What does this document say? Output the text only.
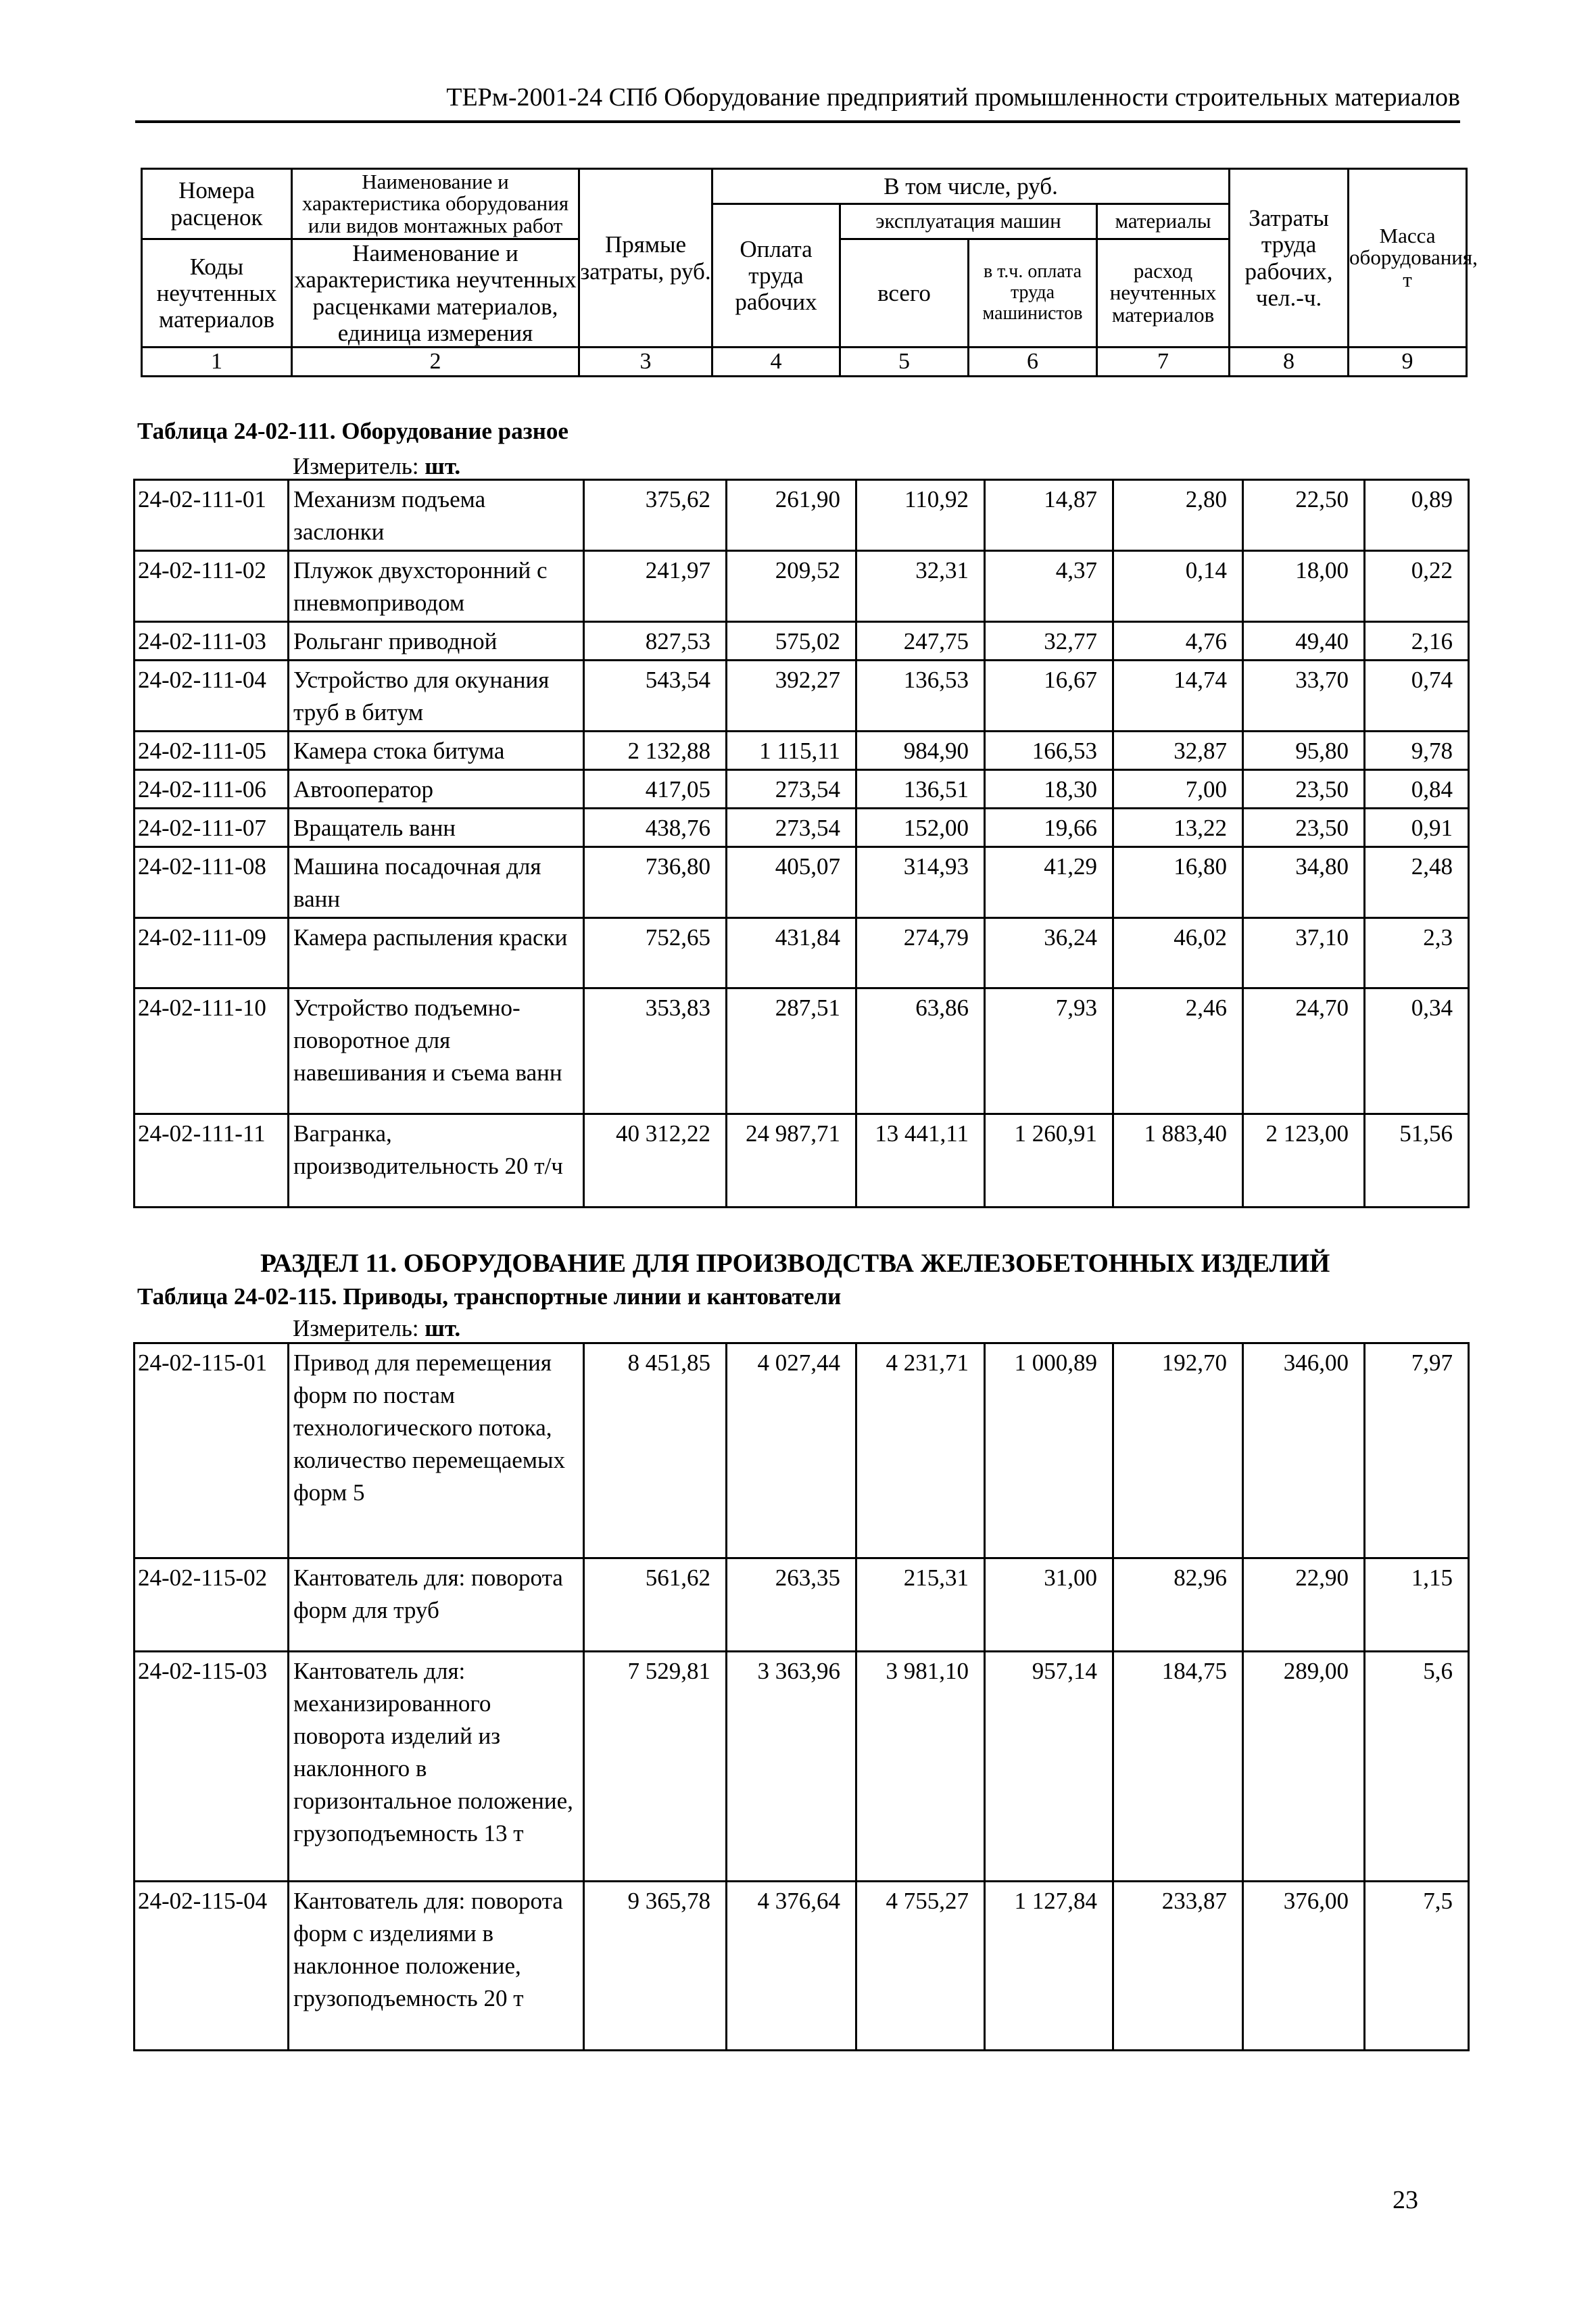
ТЕРм-2001-24 СПб Оборудование предприятий промышленности строительных материалов
Номера расценок	Наименование и характеристика оборудования или видов монтажных работ	Прямые затраты, руб.	В том числе, руб.				Затраты труда рабочих, чел.-ч.	Масса оборудования, т
			Оплата труда рабочих	эксплуатация машин		материалы		
Коды неучтенных материалов	Наименование и характеристика неучтенных расценками материалов, единица измерения			всего	в т.ч. оплата труда машинистов	расход неучтенных материалов		

1	2	3	4	5	6	7	8	9
Таблица 24-02-111. Оборудование разное
Измеритель: шт.
24-02-111-01	Механизм подъема заслонки	375,62	261,90	110,92	14,87	2,80	22,50	0,89
24-02-111-02	Плужок двухсторонний с пневмоприводом	241,97	209,52	32,31	4,37	0,14	18,00	0,22
24-02-111-03	Рольганг приводной	827,53	575,02	247,75	32,77	4,76	49,40	2,16
24-02-111-04	Устройство для окунания труб в битум	543,54	392,27	136,53	16,67	14,74	33,70	0,74
24-02-111-05	Камера стока битума	2 132,88	1 115,11	984,90	166,53	32,87	95,80	9,78
24-02-111-06	Автооператор	417,05	273,54	136,51	18,30	7,00	23,50	0,84
24-02-111-07	Вращатель ванн	438,76	273,54	152,00	19,66	13,22	23,50	0,91
24-02-111-08	Машина посадочная для ванн	736,80	405,07	314,93	41,29	16,80	34,80	2,48
24-02-111-09	Камера распыления краски	752,65	431,84	274,79	36,24	46,02	37,10	2,3
24-02-111-10	Устройство подъемно-поворотное для навешивания и съема ванн	353,83	287,51	63,86	7,93	2,46	24,70	0,34
24-02-111-11	Вагранка, производительность 20 т/ч	40 312,22	24 987,71	13 441,11	1 260,91	1 883,40	2 123,00	51,56
РАЗДЕЛ 11. ОБОРУДОВАНИЕ ДЛЯ ПРОИЗВОДСТВА ЖЕЛЕЗОБЕТОННЫХ ИЗДЕЛИЙ
Таблица 24-02-115. Приводы, транспортные линии и кантователи
Измеритель: шт.
24-02-115-01	Привод для перемещения форм по постам технологического потока, количество перемещаемых форм 5	8 451,85	4 027,44	4 231,71	1 000,89	192,70	346,00	7,97
24-02-115-02	Кантователь для: поворота форм для труб	561,62	263,35	215,31	31,00	82,96	22,90	1,15
24-02-115-03	Кантователь для: механизированного поворота изделий из наклонного в горизонтальное положение, грузоподъемность 13 т	7 529,81	3 363,96	3 981,10	957,14	184,75	289,00	5,6
24-02-115-04	Кантователь для: поворота форм с изделиями в наклонное положение, грузоподъемность 20 т	9 365,78	4 376,64	4 755,27	1 127,84	233,87	376,00	7,5
23
